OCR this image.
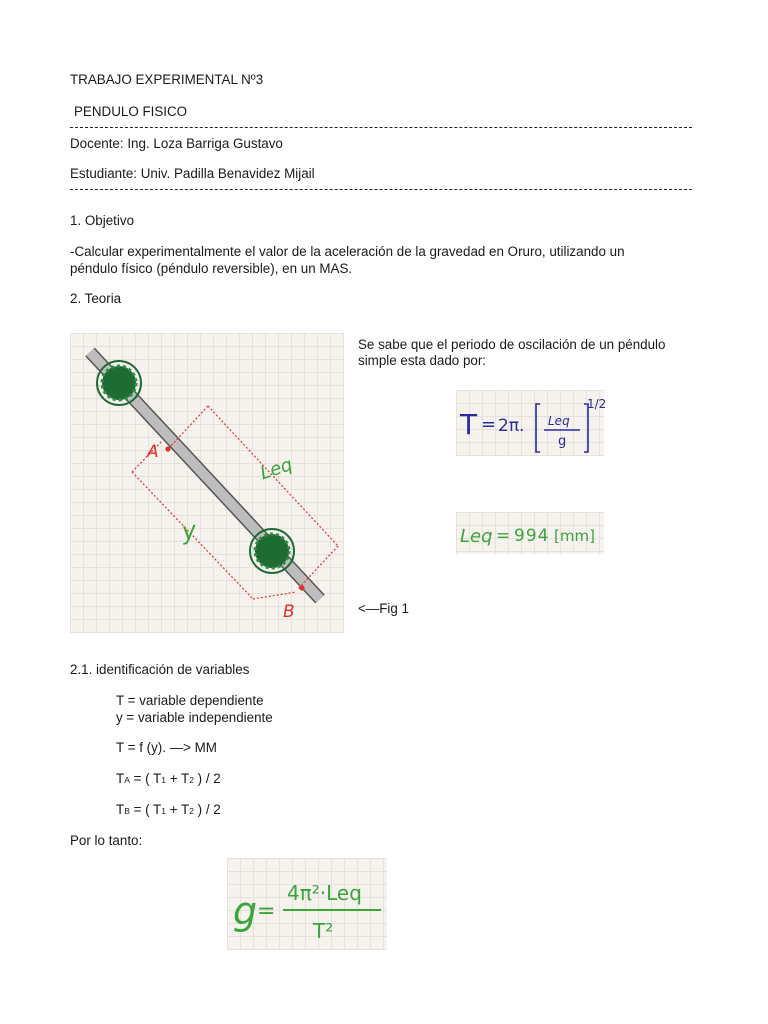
TRABAJO EXPERIMENTAL Nº3
PENDULO FISICO
Docente: Ing. Loza Barriga Gustavo
Estudiante: Univ. Padilla Benavidez Mijail
1. Objetivo
-Calcular experimentalmente el valor de la aceleración de la gravedad en Oruro, utilizando un péndulo físico (péndulo reversible), en un MAS.
2. Teoria
A
B
y
Leq
Se sabe que el periodo de oscilación de un péndulo simple esta dado por:
T = 2π. Leq
g
1/2
Leq = 994 [mm]
<—Fig 1
2.1. identificación de variables
T = variable dependiente
y = variable independiente
T = f (y). —> MM
TA = ( T1 + T2 ) / 2
TB = ( T1 + T2 ) / 2
Por lo tanto:
g =
4π²·Leq
T²
